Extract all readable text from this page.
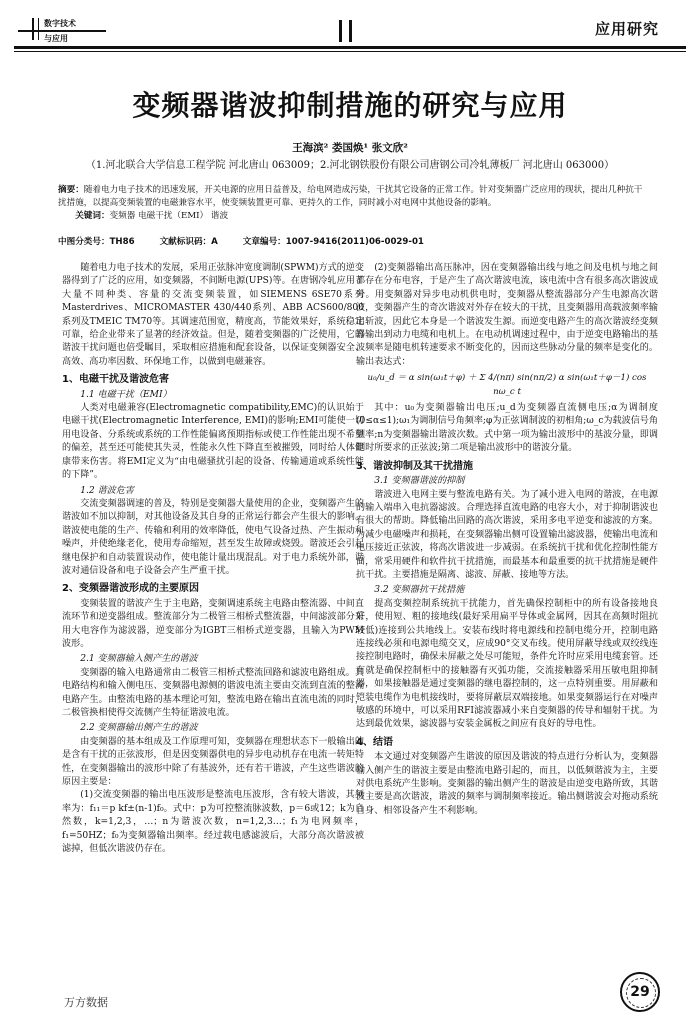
数字技术
与应用	应用研究
变频器谐波抑制措施的研究与应用
王海滨² 娄国焕¹ 张文欣²
（1.河北联合大学信息工程学院 河北唐山 063009；2.河北钢铁股份有限公司唐钢公司冷轧薄板厂 河北唐山 063000）
摘要：随着电力电子技术的迅速发展，开关电源的应用日益普及，给电网造成污染，干扰其它设备的正常工作。针对变频器广泛应用的现状，提出几种抗干扰措施，以提高变频装置的电磁兼容水平，使变频装置更可靠、更持久的工作，同时减小对电网中其他设备的影响。
关键词：变频器 电磁干扰（EMI） 谐波
中图分类号：TH86	文献标识码：A	文章编号：1007-9416(2011)06-0029-01

随着电力电子技术的发展，采用正弦脉冲宽度调制(SPWM)方式的逆变器得到了广泛的应用，如变频器，不间断电源(UPS)等。在唐钢冷轧应用了大量不同种类、容量的交流变频装置，如SIEMENS 6SE70系列Masterdrives、MICROMASTER 430/440系列、ABB ACS600/800系列及TMEIC TM70等。其调速范围宽，精度高，节能效果好，系统稳定可靠，给企业带来了显著的经济效益。但是，随着变频器的广泛使用，它的谐波干扰问题也倍受瞩目，采取相应措施和配套设备，以保证变频器安全、高效、高功率因数、环保地工作，以做到电磁兼容。

1、电磁干扰及谐波危害
1.1 电磁干扰（EMI）

人类对电磁兼容(Electromagnetic compatibility,EMC)的认识始于电磁干扰(Electromagnetic Interference, EMI)的影响;EMI可能使一切用电设备、分系统或系统的工作性能偏离预期指标或使工作性能出现不希望的偏差，甚至还可能使其失灵，性能永久性下降直至被摧毁，同时给人体健康带来伤害。将EMI定义为“由电磁骚扰引起的设备、传输通道或系统性能的下降”。

1.2 谐波危害

交流变频器调速的普及，特别是变频器大量使用的企业，变频器产生的谐波如不加以抑制，对其他设备及其自身的正常运行都会产生很大的影响。谐波使电能的生产、传输和利用的效率降低，使电气设备过热、产生振动和噪声，并使绝缘老化，使用寿命缩短，甚至发生故障或烧毁。谐波还会引起继电保护和自动装置误动作，使电能计量出现混乱。对于电力系统外部，谐波对通信设备和电子设备会产生严重干扰。

2、变频器谐波形成的主要原因

变频装置的谐波产生于主电路，变频调速系统主电路由整流器、中间直流环节和逆变器组成。整流部分为二极管三相桥式整流器，中间滤波部分采用大电容作为滤波器，逆变部分为IGBT三相桥式逆变器，且输入为PWM波形。

2.1 变频器输入侧产生的谐波

变频器的输入电路通常由二极管三相桥式整流回路和滤波电路组成。其电路结构和输入侧电压、变频器电源侧的谐波电流主要由交流到直流的整流电路产生。由整流电路的基本理论可知，整流电路在输出直流电流的同时，二极管换相使得交流侧产生特征谐波电流。

2.2 变频器输出侧产生的谐波

由变频器的基本组成及工作原理可知，变频器在理想状态下一般输出的是含有干扰的正弦波形，但是因变频器供电的异步电动机存在电流一转矩特性，在变频器输出的波形中除了有基波外，还有若干谐波，产生这些谐波的原因主要是：

(1)交流变频器的输出电压波形是整流电压波形，含有较大谐波，其频率为：f₁₁＝p kf±(n-1)f₀。式中：p为可控整流脉波数，p＝6或12；k为自然数，k=1,2,3，…；n为谐波次数，n=1,2,3…；f₁为电网频率，f₁=50HZ；f₀为变频器输出频率。经过载电感滤波后，大部分高次谐波被滤掉，但低次谐波仍存在。

(2)变频器输出高压脉冲，因在变频器输出线与地之间及电机与地之间都存在分布电容，于是产生了高次谐波电流，该电流中含有很多高次谐波成分。用变频器对异步电动机供电时，变频器从整流器部分产生电源高次谐波，变频器产生的奇次谐波对外存在较大的干扰，且变频器用高载波频率输出斩波，因此它本身是一个谐波发生源。而逆变电路产生的高次谐波经变频器输出到动力电缆和电机上。在电动机调速过程中，由于逆变电路输出的基波频率是随电机转速要求不断变化的，因而这些脉动分量的频率是变化的。输出表达式：

u₀/u_d ＝ α sin(ω₁t＋φ) ＋ Σ 4/(nπ) sin(nπ/2) α sin(ω₁t＋φ－1) cos nω_c t

其中：u₀为变频器输出电压;u_d为变频器直流侧电压;α为调制度(0≤α≤1);ω₁为调制信号角频率;φ为正弦调制波的初相角;ω_c为载波信号角频率;n为变频器输出谐波次数。式中第一项为输出波形中的基波分量，即调制时所要求的正弦波;第二项是输出波形中的谐波分量。

3、谐波抑制及其干扰措施
3.1 变频器谐波的抑制

谐波进入电网主要与整流电路有关。为了减小进入电网的谐波，在电源的输入端串入电抗器滤波。合理选择直流电路的电容大小，对于抑制谐波也有很大的帮助。降低输出回路的高次谐波，采用多电平逆变和滤波的方案。为减少电磁噪声和损耗，在变频器输出侧可设置输出滤波器，使输出电流和电压接近正弦波，将高次谐波进一步减弱。在系统抗干扰和优化控制性能方面，常采用硬件和软件抗干扰措施，而最基本和最重要的抗干扰措施是硬件抗干扰。主要措施是隔离、滤波、屏蔽、接地等方法。

3.2 变频器抗干扰措施

提高变频控制系统抗干扰能力，首先确保控制柜中的所有设备接地良好，使用短、粗的接地线(最好采用扁平导体或金属网，因其在高频时阻抗较低)连接到公共地线上。安装布线时将电源线和控制电缆分开，控制电路连接线必须和电源电缆交叉，应成90°交叉布线。使用屏蔽导线或双绞线连接控制电路时，确保未屏蔽之处尽可能短，条件允许时应采用电缆套管。还有就是确保控制柜中的接触器有灭弧功能，交流接触器采用压敏电阻抑制器，如果接触器是通过变频器的继电器控制的，这一点特别重要。用屏蔽和铠装电缆作为电机接线时，要将屏蔽层双端接地。如果变频器运行在对噪声敏感的环境中，可以采用RFI滤波器减小来自变频器的传导和辐射干扰。为达到最优效果，滤波器与安装金属板之间应有良好的导电性。

4、结语

本文通过对变频器产生谐波的原因及谐波的特点进行分析认为，变频器输入侧产生的谐波主要是由整流电路引起的，而且，以低频谐波为主，主要对供电系统产生影响。变频器的输出侧产生的谐波是由逆变电路所致，其谐波主要是高次谐波，谐波的频率与调制频率接近。输出侧谐波会对拖动系统自身、相邻设备产生不利影响。

万方数据
29
